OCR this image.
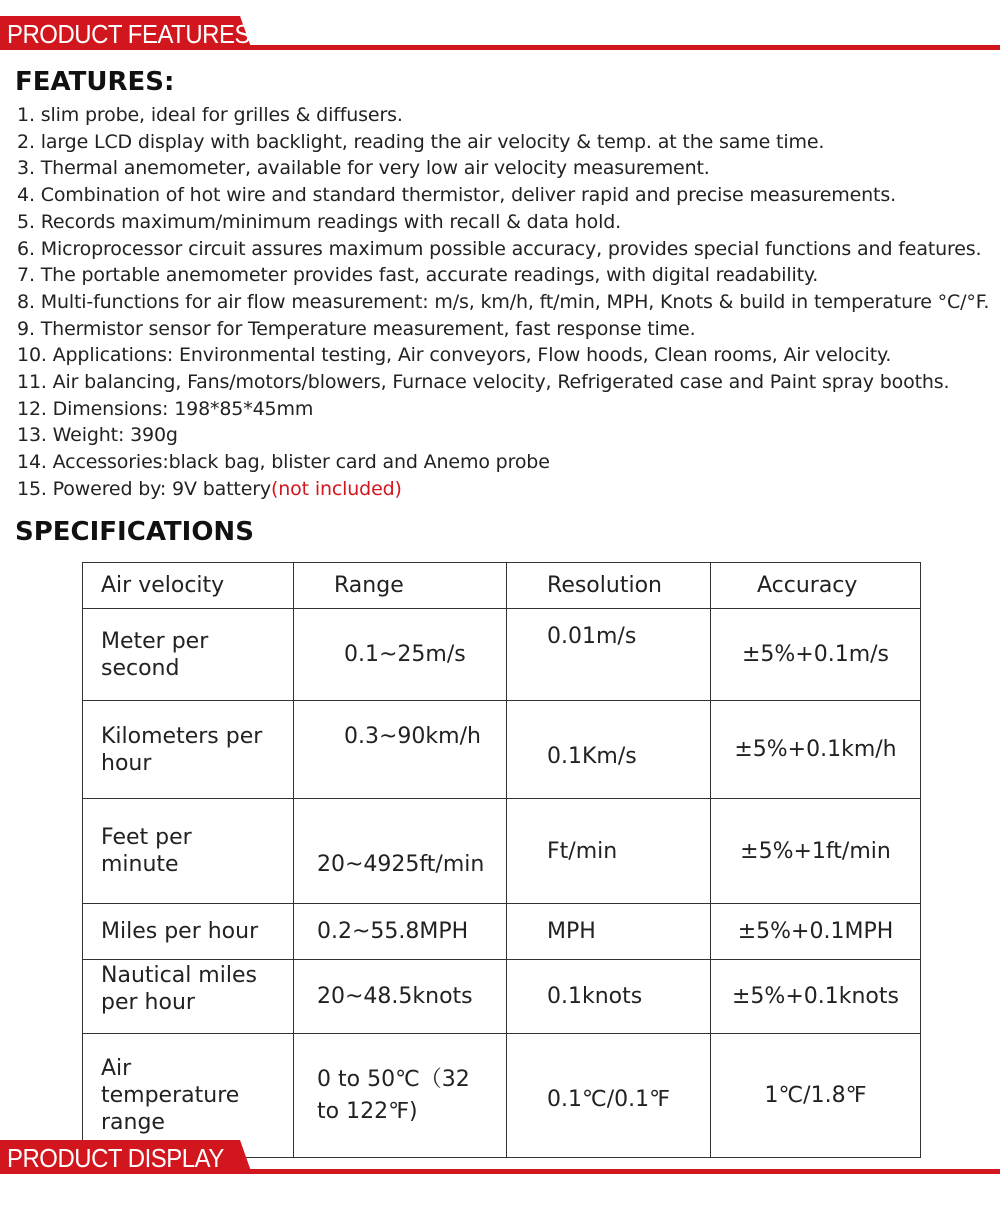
PRODUCT FEATURES
FEATURES:
1. slim probe, ideal for grilles & diffusers.
2. large LCD display with backlight, reading the air velocity & temp. at the same time.
3. Thermal anemometer, available for very low air velocity measurement.
4. Combination of hot wire and standard thermistor, deliver rapid and precise measurements.
5. Records maximum/minimum readings with recall & data hold.
6. Microprocessor circuit assures maximum possible accuracy, provides special functions and features.
7. The portable anemometer provides fast, accurate readings, with digital readability.
8. Multi-functions for air flow measurement: m/s, km/h, ft/min, MPH, Knots & build in temperature °C/°F.
9. Thermistor sensor for Temperature measurement, fast response time.
10. Applications: Environmental testing, Air conveyors, Flow hoods, Clean rooms, Air velocity.
11. Air balancing, Fans/motors/blowers, Furnace velocity, Refrigerated case and Paint spray booths.
12. Dimensions: 198*85*45mm
13. Weight: 390g
14. Accessories:black bag, blister card and Anemo probe
15. Powered by: 9V battery(not included)
SPECIFICATIONS
Air velocity	Range	Resolution	Accuracy
Meter per second	0.1~25m/s	0.01m/s	±5%+0.1m/s
Kilometers per hour	0.3~90km/h	0.1Km/s	±5%+0.1km/h
Feet per minute	20~4925ft/min	Ft/min	±5%+1ft/min
Miles per hour	0.2~55.8MPH	MPH	±5%+0.1MPH
Nautical miles per hour	20~48.5knots	0.1knots	±5%+0.1knots
Air temperature range	0 to 50℃（32 to 122℉)	0.1℃/0.1℉	1℃/1.8℉
PRODUCT DISPLAY
